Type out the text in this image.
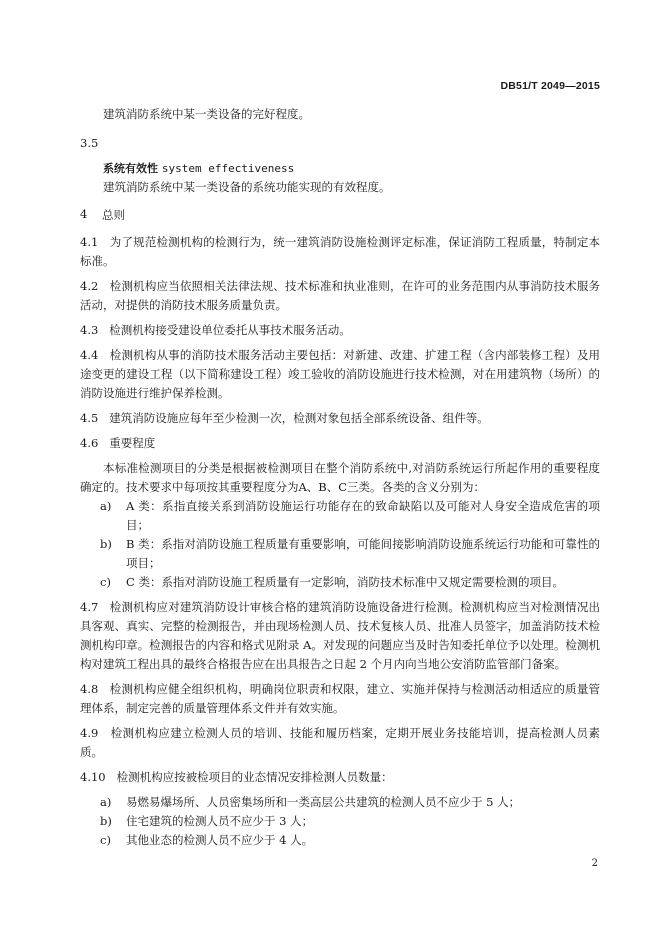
DB51/T 2049—2015

建筑消防系统中某一类设备的完好程度。

3.5

系统有效性 system effectiveness

建筑消防系统中某一类设备的系统功能实现的有效程度。

4	总则

4.1 为了规范检测机构的检测行为，统一建筑消防设施检测评定标准，保证消防工程质量，特制定本标准。

4.2 检测机构应当依照相关法律法规、技术标准和执业准则，在许可的业务范围内从事消防技术服务活动，对提供的消防技术服务质量负责。

4.3 检测机构接受建设单位委托从事技术服务活动。

4.4 检测机构从事的消防技术服务活动主要包括：对新建、改建、扩建工程（含内部装修工程）及用途变更的建设工程（以下简称建设工程）竣工验收的消防设施进行技术检测，对在用建筑物（场所）的消防设施进行维护保养检测。

4.5 建筑消防设施应每年至少检测一次，检测对象包括全部系统设备、组件等。

4.6 重要程度

本标准检测项目的分类是根据被检测项目在整个消防系统中,对消防系统运行所起作用的重要程度确定的。技术要求中每项按其重要程度分为A、B、C三类。各类的含义分别为：

a)	A 类：系指直接关系到消防设施运行功能存在的致命缺陷以及可能对人身安全造成危害的项目；
b)	B 类：系指对消防设施工程质量有重要影响，可能间接影响消防设施系统运行功能和可靠性的项目；
c)	C 类：系指对消防设施工程质量有一定影响，消防技术标准中又规定需要检测的项目。

4.7 检测机构应对建筑消防设计审核合格的建筑消防设施设备进行检测。检测机构应当对检测情况出具客观、真实、完整的检测报告，并由现场检测人员、技术复核人员、批准人员签字，加盖消防技术检测机构印章。检测报告的内容和格式见附录 A。对发现的问题应当及时告知委托单位予以处理。检测机构对建筑工程出具的最终合格报告应在出具报告之日起 2 个月内向当地公安消防监管部门备案。

4.8 检测机构应健全组织机构，明确岗位职责和权限，建立、实施并保持与检测活动相适应的质量管理体系，制定完善的质量管理体系文件并有效实施。

4.9 检测机构应建立检测人员的培训、技能和履历档案，定期开展业务技能培训，提高检测人员素质。

4.10 检测机构应按被检项目的业态情况安排检测人员数量：

a)	易燃易爆场所、人员密集场所和一类高层公共建筑的检测人员不应少于 5 人；
b)	住宅建筑的检测人员不应少于 3 人；
c)	其他业态的检测人员不应少于 4 人。
2
